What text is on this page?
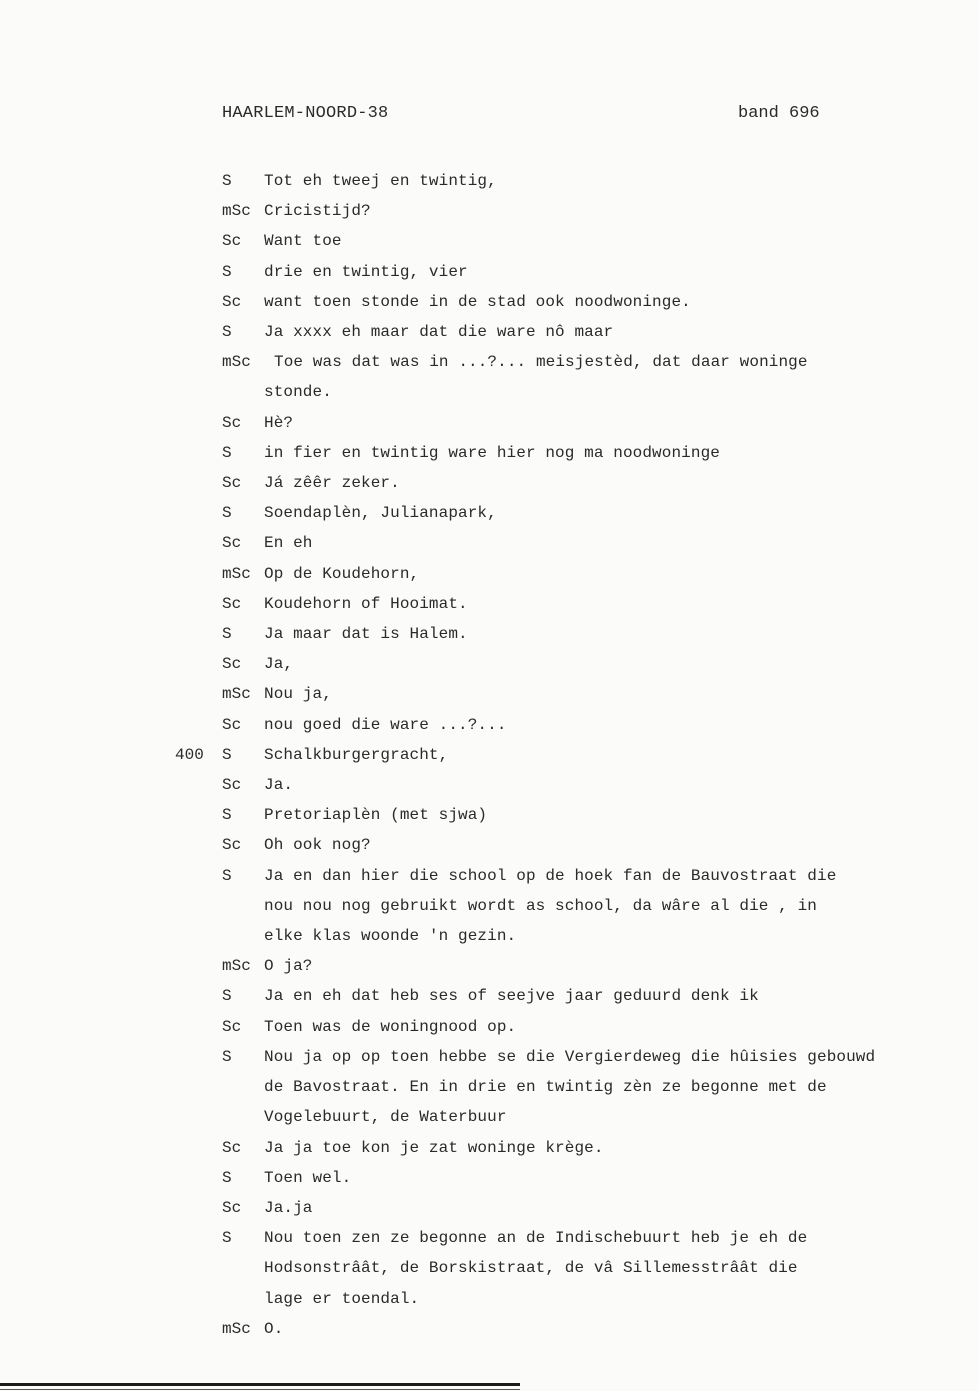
HAARLEM-NOORD-38	band 696
S	Tot eh tweej en twintig,
mSc Cricistijd?
Sc	Want toe
S	drie en twintig, vier
Sc	want toen stonde in de stad ook noodwoninge.
S	Ja xxxx eh maar dat die ware nô maar
mSc	Toe was dat was in ...?... meisjestèd, dat daar woninge
stonde.
Sc	Hè?
S	in fier en twintig ware hier nog ma noodwoninge
Sc	Já zêêr zeker.
S	Soendaplèn, Julianapark,
Sc	En eh
mSc Op de Koudehorn,
Sc	Koudehorn of Hooimat.
S	Ja maar dat is Halem.
Sc	Ja,
mSc Nou ja,
Sc	nou goed die ware ...?...
400	S	Schalkburgergracht,
Sc	Ja.
S	Pretoriaplèn (met sjwa)
Sc	Oh ook nog?
S	Ja en dan hier die school op de hoek fan de Bauvostraat die
nou nou nog gebruikt wordt as school, da wâre al die , in
elke klas woonde 'n gezin.
mSc O ja?
S	Ja en eh dat heb ses of seejve jaar geduurd denk ik
Sc	Toen was de woningnood op.
S	Nou ja op op toen hebbe se die Vergierdeweg die hûisies gebouwd
de Bavostraat. En in drie en twintig zèn ze begonne met de
Vogelebuurt, de Waterbuur
Sc	Ja ja toe kon je zat woninge krège.
S	Toen wel.
Sc	Ja.ja
S	Nou toen zen ze begonne an de Indischebuurt heb je eh de
Hodsonstrâât, de Borskistraat, de vâ Sillemesstrâât die
lage er toendal.
mSc O.
